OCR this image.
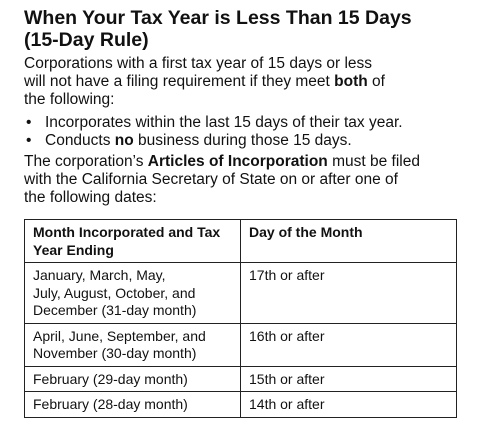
When Your Tax Year is Less Than 15 Days
(15-Day Rule)
Corporations with a first tax year of 15 days or less
will not have a filing requirement if they meet both of
the following:
• Incorporates within the last 15 days of their tax year.
• Conducts no business during those 15 days.
The corporation’s Articles of Incorporation must be filed
with the California Secretary of State on or after one of
the following dates:
Month Incorporated and Tax Year Ending	Day of the Month

January, March, May,
July, August, October, and
December (31-day month)	17th or after

April, June, September, and
November (30-day month)	16th or after

February (29-day month)	15th or after

February (28-day month)	14th or after
